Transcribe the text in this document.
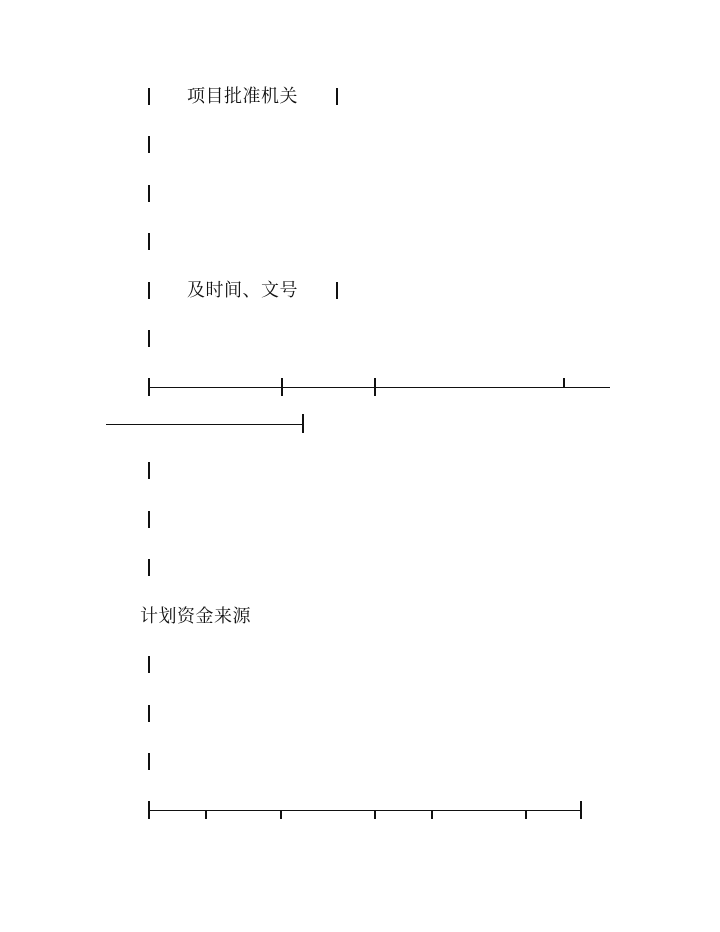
项目批准机关
及时间、文号
计划资金来源
